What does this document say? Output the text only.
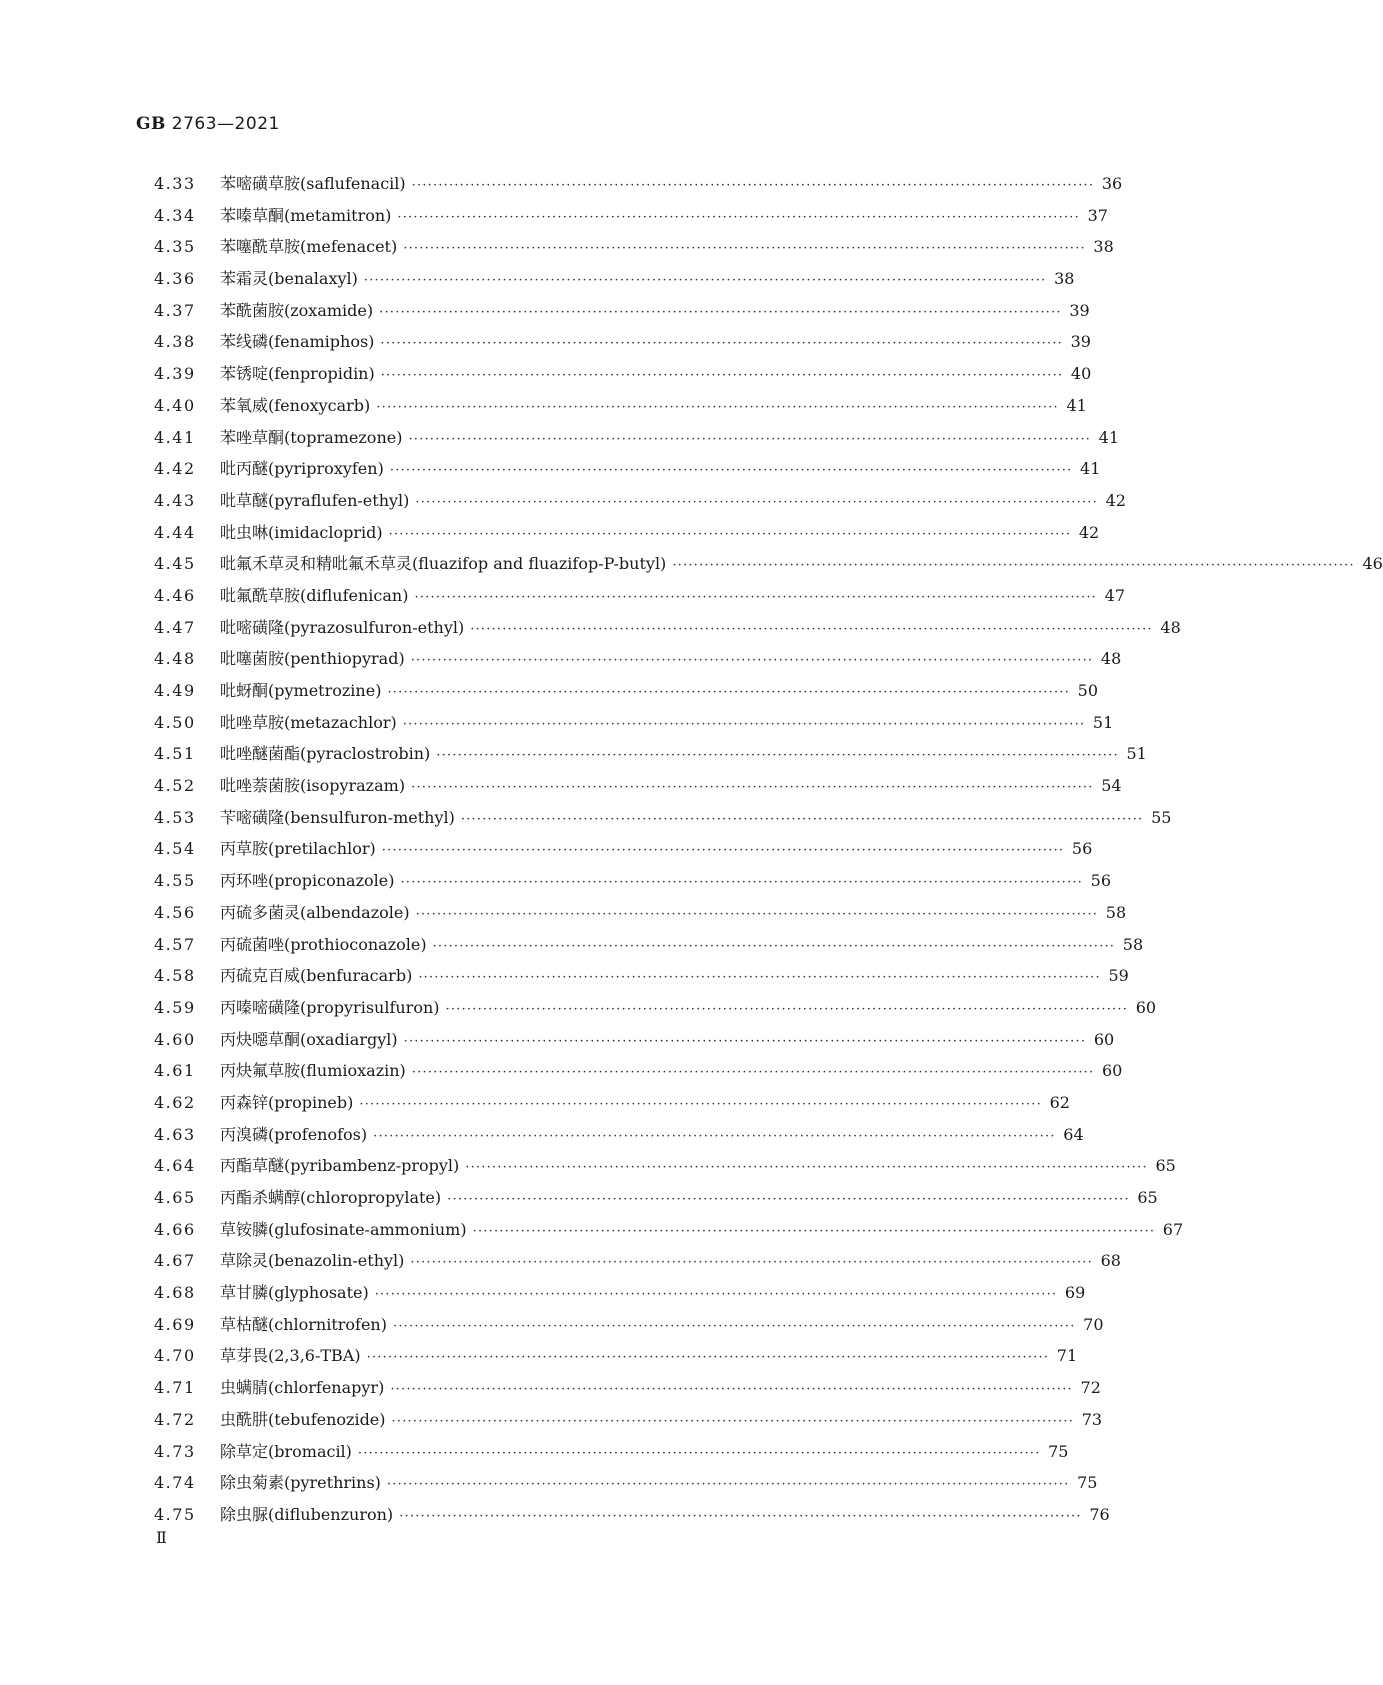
GB 2763—2021
4.33	苯嘧磺草胺(saflufenacil) ································································································································ 36
4.34	苯嗪草酮(metamitron) ································································································································ 37
4.35	苯噻酰草胺(mefenacet) ································································································································ 38
4.36	苯霜灵(benalaxyl) ································································································································ 38
4.37	苯酰菌胺(zoxamide) ································································································································ 39
4.38	苯线磷(fenamiphos) ································································································································ 39
4.39	苯锈啶(fenpropidin) ································································································································ 40
4.40	苯氧威(fenoxycarb) ································································································································ 41
4.41	苯唑草酮(topramezone) ································································································································ 41
4.42	吡丙醚(pyriproxyfen) ································································································································ 41
4.43	吡草醚(pyraflufen-ethyl) ································································································································ 42
4.44	吡虫啉(imidacloprid) ································································································································ 42
4.45	吡氟禾草灵和精吡氟禾草灵(fluazifop and fluazifop-P-butyl) ································································································································ 46
4.46	吡氟酰草胺(diflufenican) ································································································································ 47
4.47	吡嘧磺隆(pyrazosulfuron-ethyl) ································································································································ 48
4.48	吡噻菌胺(penthiopyrad) ································································································································ 48
4.49	吡蚜酮(pymetrozine) ································································································································ 50
4.50	吡唑草胺(metazachlor) ································································································································ 51
4.51	吡唑醚菌酯(pyraclostrobin) ································································································································ 51
4.52	吡唑萘菌胺(isopyrazam) ································································································································ 54
4.53	苄嘧磺隆(bensulfuron-methyl) ································································································································ 55
4.54	丙草胺(pretilachlor) ································································································································ 56
4.55	丙环唑(propiconazole) ································································································································ 56
4.56	丙硫多菌灵(albendazole) ································································································································ 58
4.57	丙硫菌唑(prothioconazole) ································································································································ 58
4.58	丙硫克百威(benfuracarb) ································································································································ 59
4.59	丙嗪嘧磺隆(propyrisulfuron) ································································································································ 60
4.60	丙炔噁草酮(oxadiargyl) ································································································································ 60
4.61	丙炔氟草胺(flumioxazin) ································································································································ 60
4.62	丙森锌(propineb) ································································································································ 62
4.63	丙溴磷(profenofos) ································································································································ 64
4.64	丙酯草醚(pyribambenz-propyl) ································································································································ 65
4.65	丙酯杀螨醇(chloropropylate) ································································································································ 65
4.66	草铵膦(glufosinate-ammonium) ································································································································ 67
4.67	草除灵(benazolin-ethyl) ································································································································ 68
4.68	草甘膦(glyphosate) ································································································································ 69
4.69	草枯醚(chlornitrofen) ································································································································ 70
4.70	草芽畏(2,3,6-TBA) ································································································································ 71
4.71	虫螨腈(chlorfenapyr) ································································································································ 72
4.72	虫酰肼(tebufenozide) ································································································································ 73
4.73	除草定(bromacil) ································································································································ 75
4.74	除虫菊素(pyrethrins) ································································································································ 75
4.75	除虫脲(diflubenzuron) ································································································································ 76
Ⅱ
